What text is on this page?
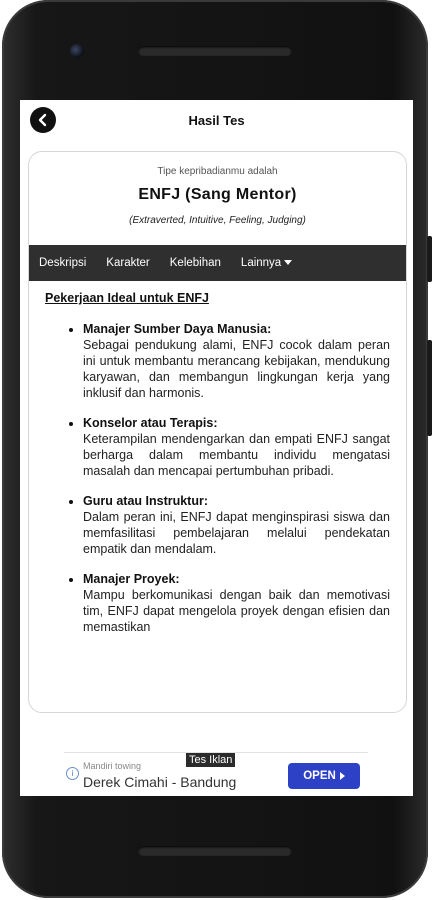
Hasil Tes
Tipe kepribadianmu adalah
ENFJ (Sang Mentor)
(Extraverted, Intuitive, Feeling, Judging)
Deskripsi Karakter Kelebihan Lainnya
Pekerjaan Ideal untuk ENFJ
• Manajer Sumber Daya Manusia:
Sebagai pendukung alami, ENFJ cocok dalam peran ini untuk membantu merancang kebijakan, mendukung karyawan, dan membangun lingkungan kerja yang inklusif dan harmonis.
• Konselor atau Terapis:
Keterampilan mendengarkan dan empati ENFJ sangat berharga dalam membantu individu mengatasi masalah dan mencapai pertumbuhan pribadi.
• Guru atau Instruktur:
Dalam peran ini, ENFJ dapat menginspirasi siswa dan memfasilitasi pembelajaran melalui pendekatan empatik dan mendalam.
• Manajer Proyek:
Mampu berkomunikasi dengan baik dan memotivasi tim, ENFJ dapat mengelola proyek dengan efisien dan memastikan
Tes Iklan
i
Mandiri towing
Derek Cimahi - Bandung	OPEN
